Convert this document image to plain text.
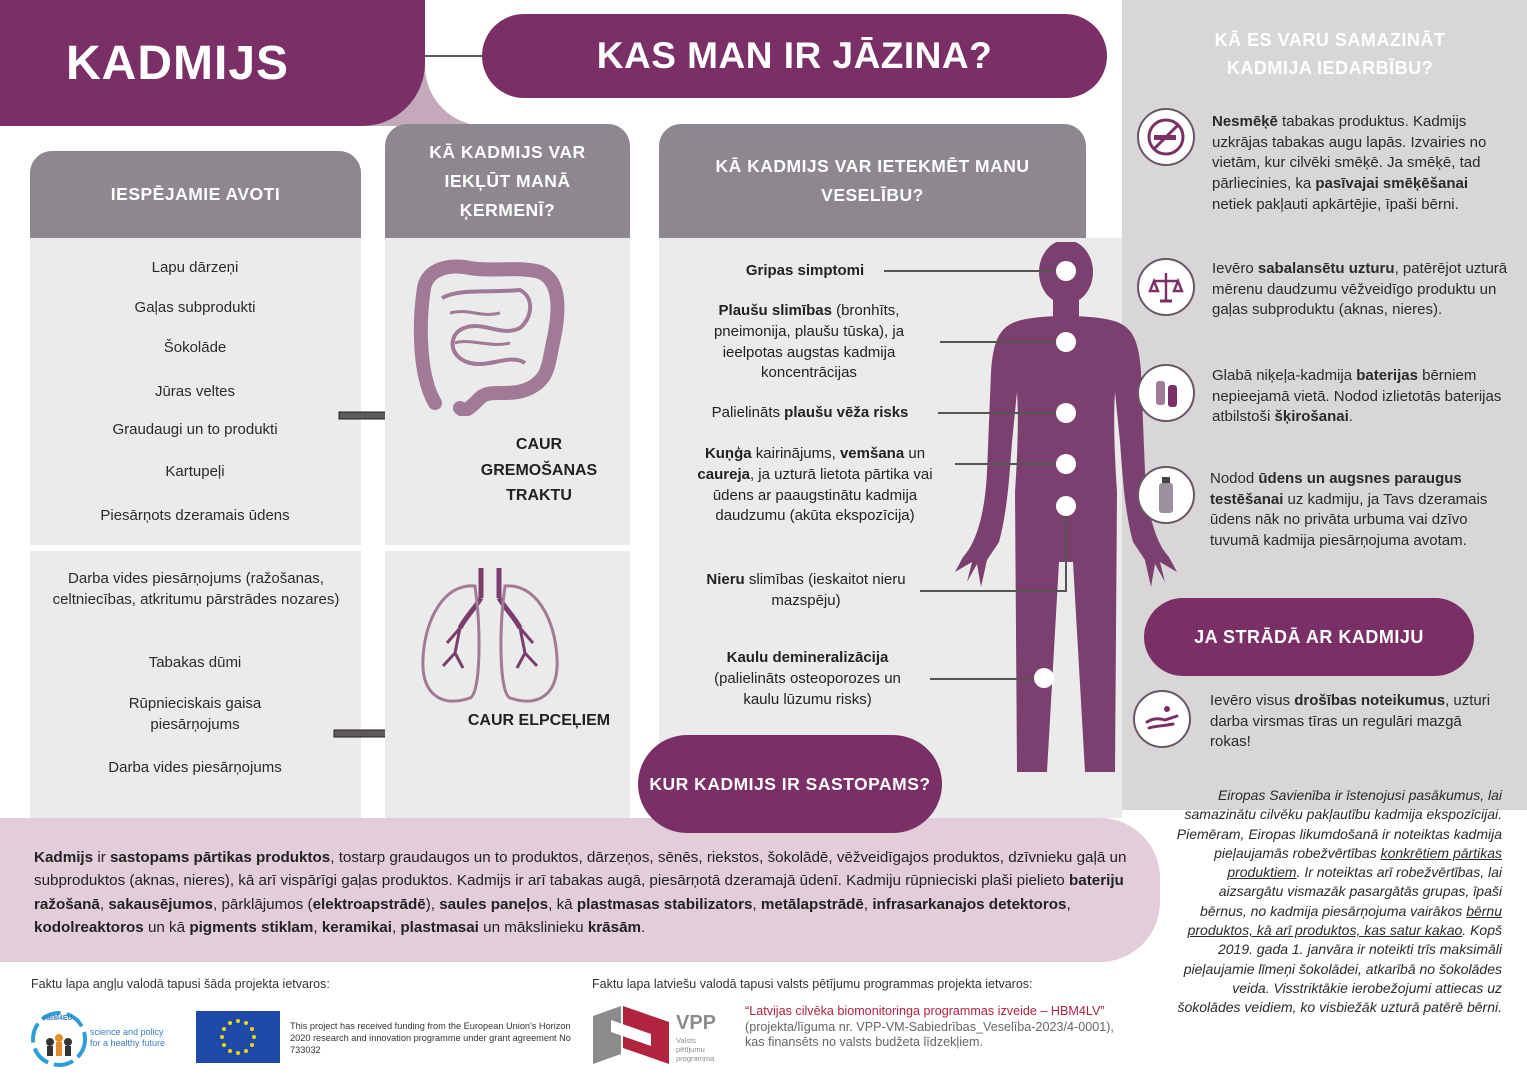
KADMIJS	KAS MAN IR JĀZINA?
IESPĒJAMIE AVOTI
Lapu dārzeņi
Gaļas subprodukti
Šokolāde
Jūras veltes
Graudaugi un to produkti
Kartupeļi
Piesārņots dzeramais ūdens
Darba vides piesārņojums (ražošanas, celtniecības, atkritumu pārstrādes nozares)
Tabakas dūmi
Rūpnieciskais gaisa piesārņojums
Darba vides piesārņojums
KĀ KADMIJS VAR IEKĻŪT MANĀ ĶERMENĪ?
CAUR GREMOŠANAS TRAKTU
CAUR ELPCEĻIEM
KĀ KADMIJS VAR IETEKMĒT MANU VESELĪBU?
Gripas simptomi
Plaušu slimības (bronhīts, pneimonija, plaušu tūska), ja ieelpotas augstas kadmija koncentrācijas
Palielināts plaušu vēža risks
Kuņģa kairinājums, vemšana un caureja, ja uzturā lietota pārtika vai ūdens ar paaugstinātu kadmija daudzumu (akūta ekspozīcija)
Nieru slimības (ieskaitot nieru mazspēju)
Kaulu demineralizācija (palielināts osteoporozes un kaulu lūzumu risks)
KĀ ES VARU SAMAZINĀT KADMIJA IEDARBĪBU?
Nesmēķē tabakas produktus. Kadmijs uzkrājas tabakas augu lapās. Izvairies no vietām, kur cilvēki smēķē. Ja smēķē, tad pārliecinies, ka pasīvajai smēķēšanai netiek pakļauti apkārtējie, īpaši bērni.
Ievēro sabalansētu uzturu, patērējot uzturā mērenu daudzumu vēžveidīgo produktu un gaļas subproduktu (aknas, nieres).
Glabā niķeļa-kadmija baterijas bērniem nepieejamā vietā. Nodod izlietotās baterijas atbilstoši šķirošanai.
Nodod ūdens un augsnes paraugus testēšanai uz kadmiju, ja Tavs dzeramais ūdens nāk no privāta urbuma vai dzīvo tuvumā kadmija piesārņojuma avotam.
JA STRĀDĀ AR KADMIJU
Ievēro visus drošības noteikumus, uzturi darba virsmas tīras un regulāri mazgā rokas!
Eiropas Savienība ir īstenojusi pasākumus, lai samazinātu cilvēku pakļautību kadmija ekspozīcijai. Piemēram, Eiropas likumdošanā ir noteiktas kadmija pieļaujamās robežvērtības konkrētiem pārtikas produktiem. Ir noteiktas arī robežvērtības, lai aizsargātu vismazāk pasargātās grupas, īpaši bērnus, no kadmija piesārņojuma vairākos bērnu produktos, kā arī produktos, kas satur kakao. Kopš 2019. gada 1. janvāra ir noteikti trīs maksimāli pieļaujamie līmeņi šokolādei, atkarībā no šokolādes veida. Visstriktākie ierobežojumi attiecas uz šokolādes veidiem, ko visbiežāk uzturā patērē bērni.
KUR KADMIJS IR SASTOPAMS?
Kadmijs ir sastopams pārtikas produktos, tostarp graudaugos un to produktos, dārzeņos, sēnēs, riekstos, šokolādē, vēžveidīgajos produktos, dzīvnieku gaļā un subproduktos (aknas, nieres), kā arī vispārīgi gaļas produktos. Kadmijs ir arī tabakas augā, piesārņotā dzeramajā ūdenī. Kadmiju rūpnieciski plaši pielieto bateriju ražošanā, sakausējumos, pārklājumos (elektroapstrādē), saules paneļos, kā plastmasas stabilizators, metālapstrādē, infrasarkanajos detektoros, kodolreaktoros un kā pigments stiklam, keramikai, plastmasai un mākslinieku krāsām.
Faktu lapa angļu valodā tapusi šāda projekta ietvaros:	Faktu lapa latviešu valodā tapusi valsts pētījumu programmas projekta ietvaros:
HBM4EU
science and policy for a healthy future
This project has received funding from the European Union's Horizon 2020 research and innovation programme under grant agreement No 733032
VPP
Valsts pētījumu programma
“Latvijas cilvēka biomonitoringa programmas izveide – HBM4LV” (projekta/līguma nr. VPP-VM-Sabiedrības_Veselība-2023/4-0001), kas finansēts no valsts budžeta līdzekļiem.
